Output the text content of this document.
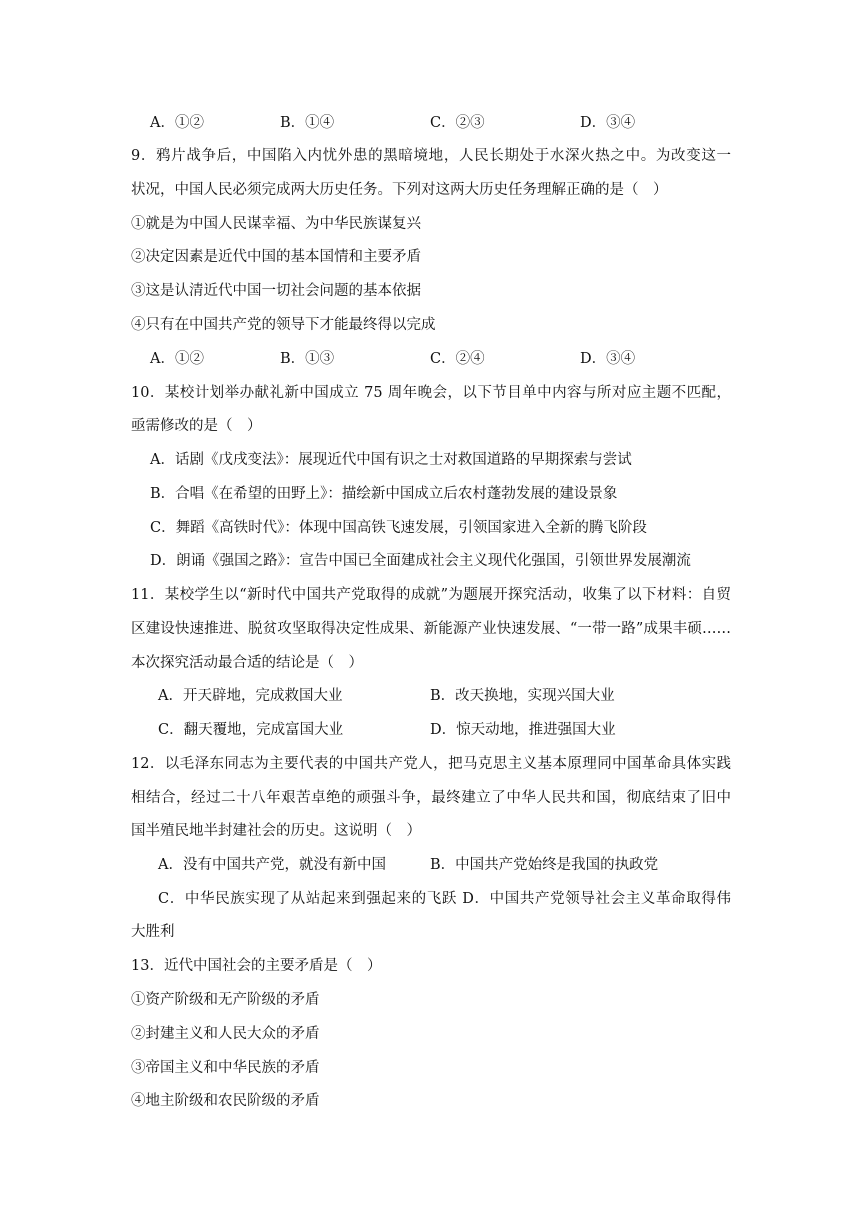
A．①②	B．①④	C．②③	D．③④
9．鸦片战争后，中国陷入内忧外患的黑暗境地，人民长期处于水深火热之中。为改变这一
状况，中国人民必须完成两大历史任务。下列对这两大历史任务理解正确的是（　）
①就是为中国人民谋幸福、为中华民族谋复兴
②决定因素是近代中国的基本国情和主要矛盾
③这是认清近代中国一切社会问题的基本依据
④只有在中国共产党的领导下才能最终得以完成
A．①②	B．①③	C．②④	D．③④
10．某校计划举办献礼新中国成立 75 周年晚会，以下节目单中内容与所对应主题不匹配，
亟需修改的是（　）
A．话剧《戊戌变法》：展现近代中国有识之士对救国道路的早期探索与尝试
B．合唱《在希望的田野上》：描绘新中国成立后农村蓬勃发展的建设景象
C．舞蹈《高铁时代》：体现中国高铁飞速发展，引领国家进入全新的腾飞阶段
D．朗诵《强国之路》：宣告中国已全面建成社会主义现代化强国，引领世界发展潮流
11．某校学生以“新时代中国共产党取得的成就”为题展开探究活动，收集了以下材料：自贸
区建设快速推进、脱贫攻坚取得决定性成果、新能源产业快速发展、“一带一路”成果丰硕……
本次探究活动最合适的结论是（　）
A．开天辟地，完成救国大业	B．改天换地，实现兴国大业
C．翻天覆地，完成富国大业	D．惊天动地，推进强国大业
12．以毛泽东同志为主要代表的中国共产党人，把马克思主义基本原理同中国革命具体实践
相结合，经过二十八年艰苦卓绝的顽强斗争，最终建立了中华人民共和国，彻底结束了旧中
国半殖民地半封建社会的历史。这说明（　）
A．没有中国共产党，就没有新中国	B．中国共产党始终是我国的执政党
C．中华民族实现了从站起来到强起来的飞跃 D．中国共产党领导社会主义革命取得伟
大胜利
13．近代中国社会的主要矛盾是（　）
①资产阶级和无产阶级的矛盾
②封建主义和人民大众的矛盾
③帝国主义和中华民族的矛盾
④地主阶级和农民阶级的矛盾
